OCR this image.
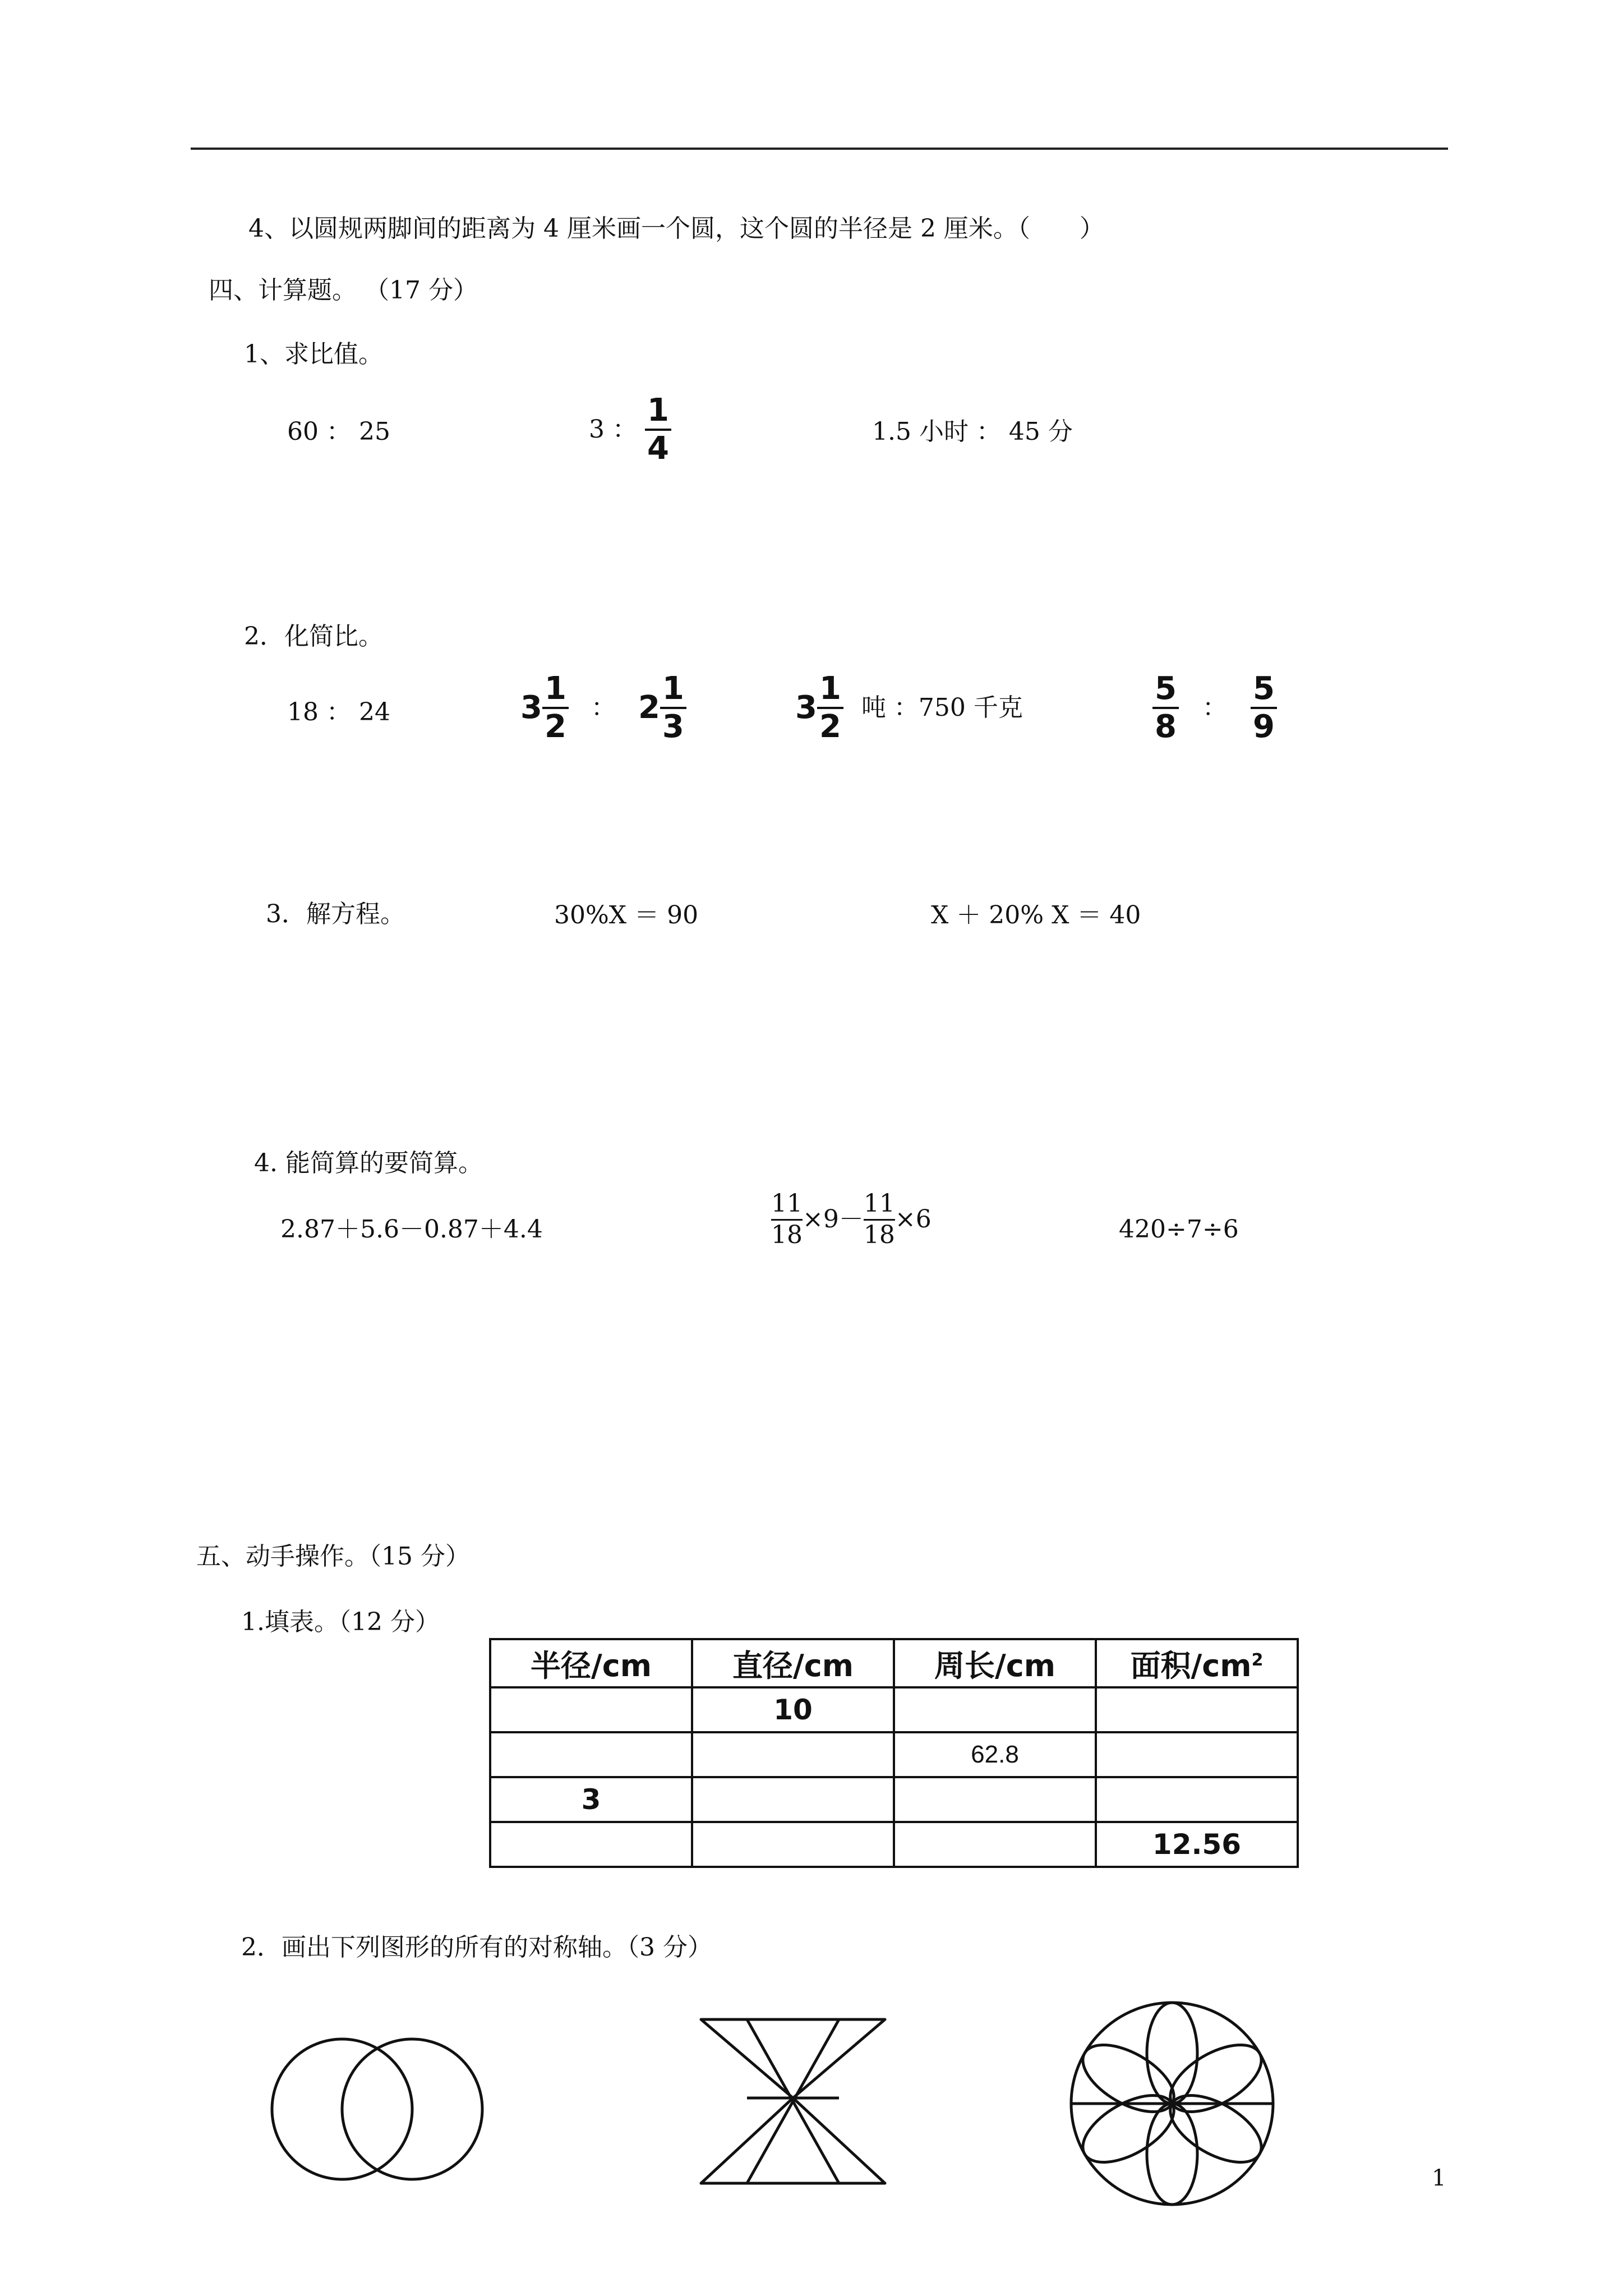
4、以圆规两脚间的距离为 4 厘米画一个圆，这个圆的半径是 2 厘米。（　　）
四、计算题。 （17 分）
1、求比值。
60 ： 25	3 ： $\frac{1}{4}$	1.5 小时 ： 45 分
2．化简比。
18 ： 24	$3 \frac{1}{2}$ ： $2 \frac{1}{3}$	$3 \frac{1}{2}$ 吨 ：750 千克	$\frac{5}{8}$ ： $\frac{5}{9}$
3．解方程。	30%X ＝ 90	X ＋ 20% X ＝ 40
4. 能简算的要简算。
2.87＋5.6－0.87＋4.4	$\frac{11}{18} \times 9- \frac{11}{18} \times 6$	420÷7÷6
五、动手操作。（15 分）
1.填表。（12 分）
半径/cm	直径/cm	周长/cm	面积$/cm^2$
	10		
		62.8	
3			
			12.56
2．画出下列图形的所有的对称轴。（3 分）
1
